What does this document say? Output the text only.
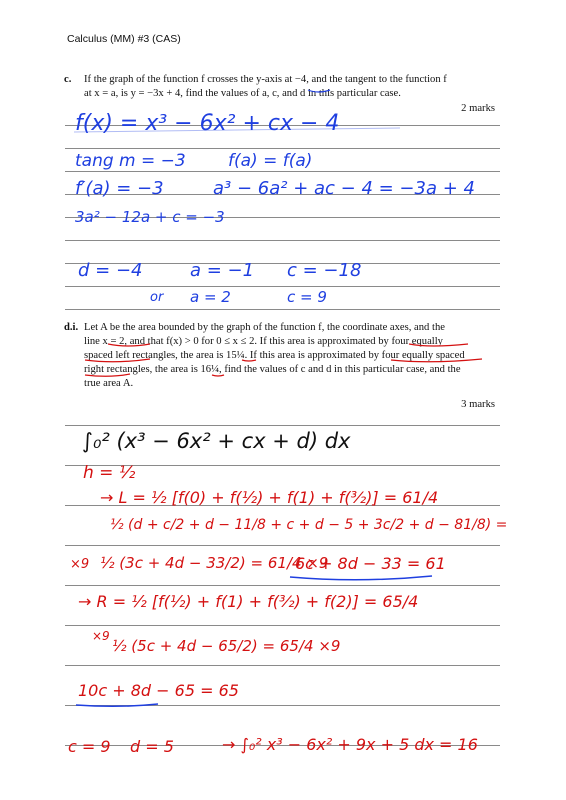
Calculus (MM) #3 (CAS)
c. If the graph of the function f crosses the y-axis at −4, and the tangent to the function f
at x = a, is y = −3x + 4, find the values of a, c, and d in this particular case.
2 marks
f(x) = x³ − 6x² + cx − 4
tang m = −3 f(a) = f(a)
f′(a) = −3	a³ − 6a² + ac − 4 = −3a + 4
3a² − 12a + c = −3
d = −4	a = −1 c = −18
or a = 2	c = 9
d.i. Let A be the area bounded by the graph of the function f, the coordinate axes, and the
line x = 2, and that f(x) > 0 for 0 ≤ x ≤ 2. If this area is approximated by four equally
spaced left rectangles, the area is 15¼. If this area is approximated by four equally spaced
right rectangles, the area is 16¼, find the values of c and d in this particular case, and the
true area A.
3 marks
∫₀² (x³ − 6x² + cx + d) dx
h = ½
→ L = ½ [f(0) + f(½) + f(1) + f(³⁄₂)] = 61/4
½ (d + c/2 + d − 11/8 + c + d − 5 + 3c/2 + d − 81/8) =
×9 ½ (3c + 4d − 33/2) = 61/4 ×9
6c + 8d − 33 = 61
→ R = ½ [f(½) + f(1) + f(³⁄₂) + f(2)] = 65/4
×9
½ (5c + 4d − 65/2) = 65/4 ×9
10c + 8d − 65 = 65
c = 9 d = 5	→ ∫₀² x³ − 6x² + 9x + 5 dx = 16
